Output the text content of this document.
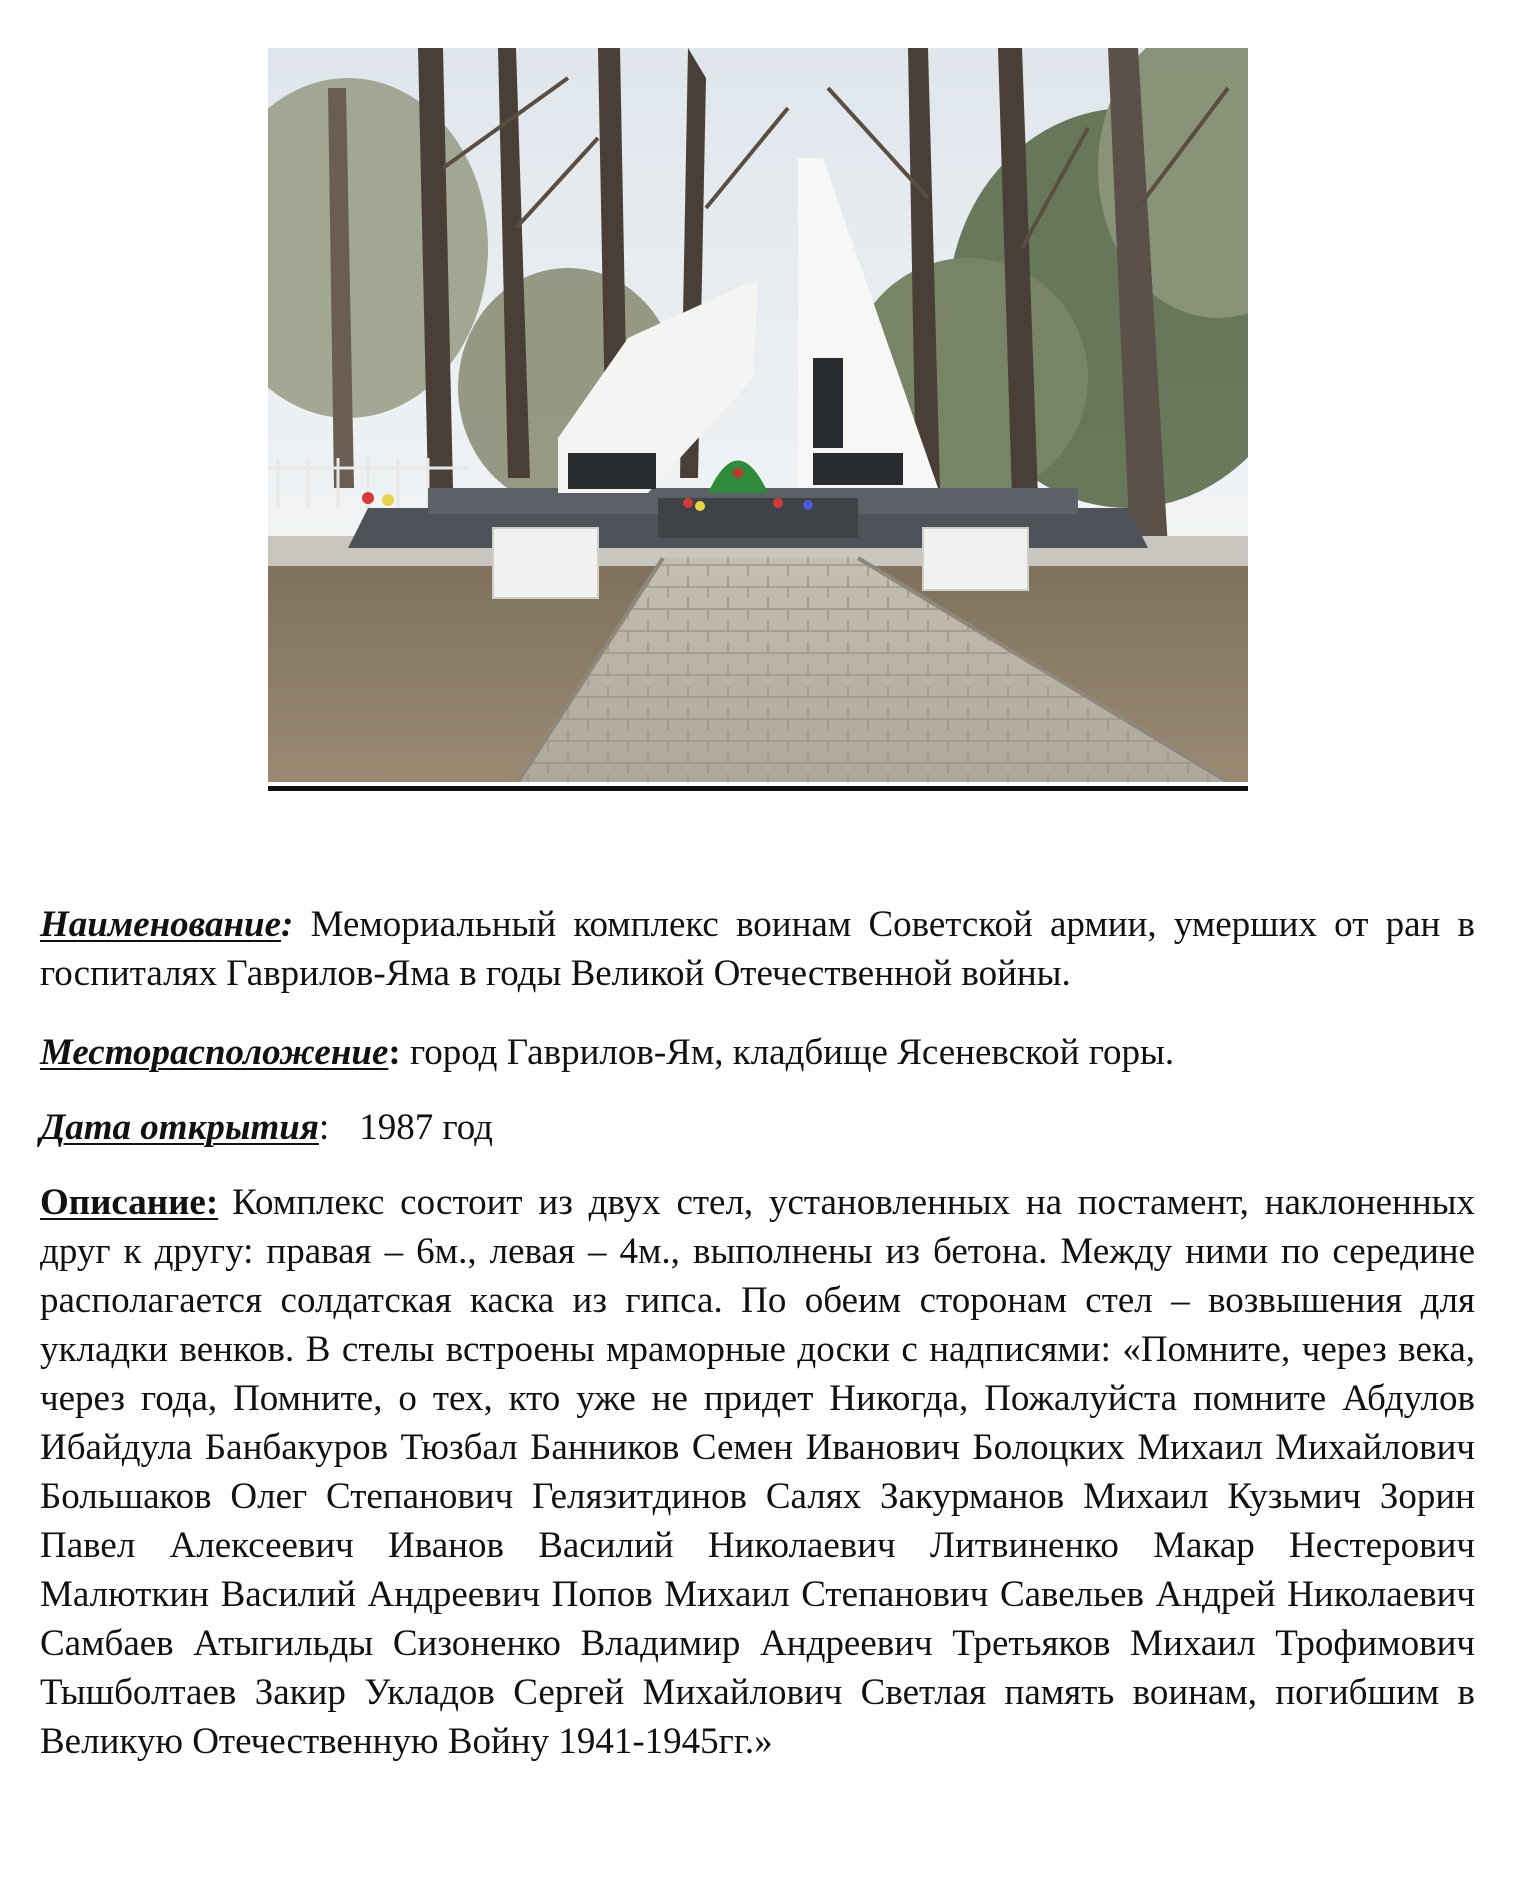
Наименование: Мемориальный комплекс воинам Советской армии, умерших от ран в госпиталях Гаврилов-Яма в годы Великой Отечественной войны.

Месторасположение: город Гаврилов-Ям, кладбище Ясеневской горы.

Дата открытия: 1987 год

Описание: Комплекс состоит из двух стел, установленных на постамент, наклоненных друг к другу: правая – 6м., левая – 4м., выполнены из бетона. Между ними по середине располагается солдатская каска из гипса. По обеим сторонам стел – возвышения для укладки венков. В стелы встроены мраморные доски с надписями: «Помните, через века, через года, Помните, о тех, кто уже не придет Никогда, Пожалуйста помните Абдулов Ибайдула Банбакуров Тюзбал Банников Семен Иванович Болоцких Михаил Михайлович Большаков Олег Степанович Гелязитдинов Салях Закурманов Михаил Кузьмич Зорин Павел Алексеевич Иванов Василий Николаевич Литвиненко Макар Нестерович Малюткин Василий Андреевич Попов Михаил Степанович Савельев Андрей Николаевич Самбаев Атыгильды Сизоненко Владимир Андреевич Третьяков Михаил Трофимович Тышболтаев Закир Укладов Сергей Михайлович Светлая память воинам, погибшим в Великую Отечественную Войну 1941-1945гг.»
